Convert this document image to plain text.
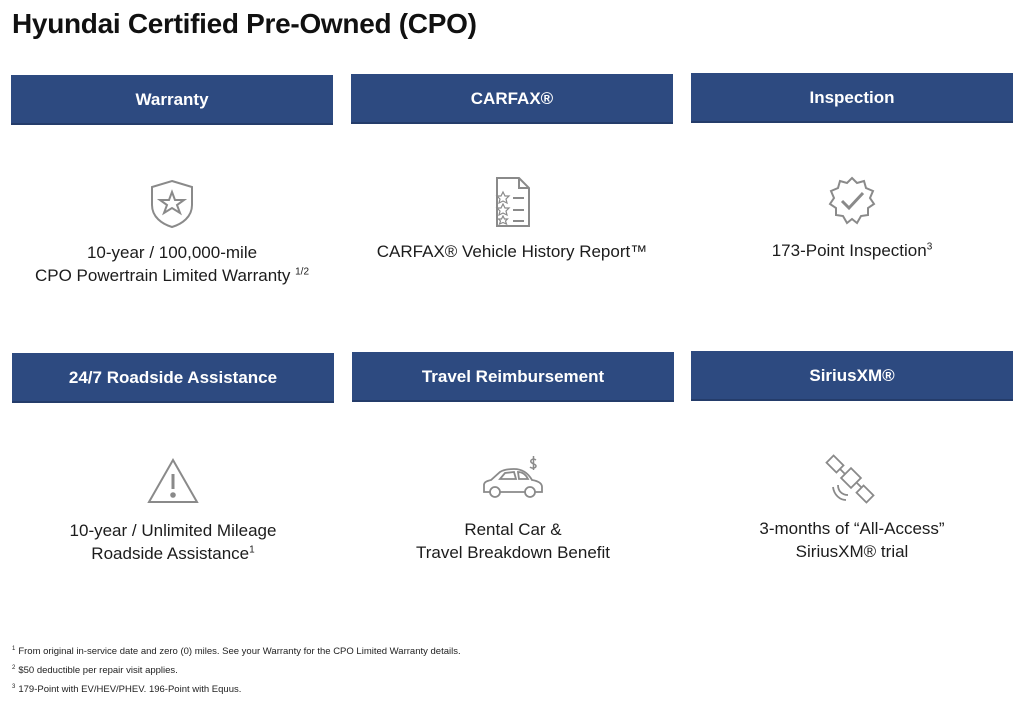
Hyundai Certified Pre-Owned (CPO)
Warranty
10-year / 100,000-mile
CPO Powertrain Limited Warranty $^{1/2}$
CARFAX®
CARFAX® Vehicle History Report™
Inspection
173-Point Inspection$^3$
24/7 Roadside Assistance
10-year / Unlimited Mileage
Roadside Assistance$^1$
Travel Reimbursement
Rental Car &
Travel Breakdown Benefit
SiriusXM®
3-months of “All-Access”
SiriusXM® trial
$^1$ From original in-service date and zero (0) miles. See your Warranty for the CPO Limited Warranty details.
$^2$ $50 deductible per repair visit applies.
$^3$ 179-Point with EV/HEV/PHEV. 196-Point with Equus.
